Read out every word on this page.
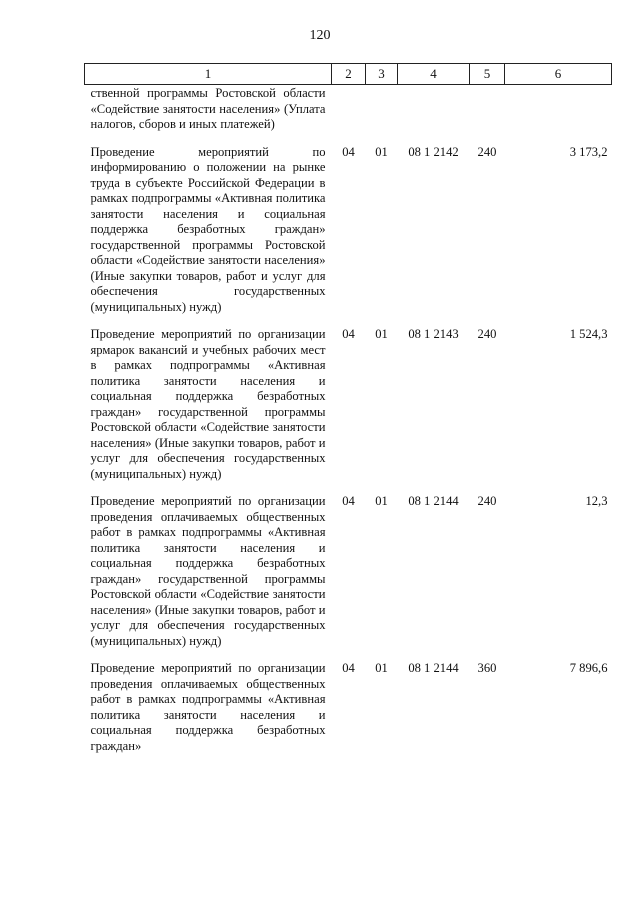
120
1	2	3	4	5	6
ственной программы Ростовской области «Содействие занятости населения» (Уплата налогов, сборов и иных платежей)					
Проведение мероприятий по информированию о положении на рынке труда в субъекте Российской Федерации в рамках подпрограммы «Активная политика занятости населения и социальная поддержка безработных граждан» государственной программы Ростовской области «Содействие занятости населения» (Иные закупки товаров, работ и услуг для обеспечения государственных (муниципальных) нужд)	04	01	08 1 2142	240	3 173,2
Проведение мероприятий по организации ярмарок вакансий и учебных рабочих мест в рамках подпрограммы «Активная политика занятости населения и социальная поддержка безработных граждан» государственной программы Ростовской области «Содействие занятости населения» (Иные закупки товаров, работ и услуг для обеспечения государственных (муниципальных) нужд)	04	01	08 1 2143	240	1 524,3
Проведение мероприятий по организации проведения оплачиваемых общественных работ в рамках подпрограммы «Активная политика занятости населения и социальная поддержка безработных граждан» государственной программы Ростовской области «Содействие занятости населения» (Иные закупки товаров, работ и услуг для обеспечения государственных (муниципальных) нужд)	04	01	08 1 2144	240	12,3
Проведение мероприятий по организации проведения оплачиваемых общественных работ в рамках подпрограммы «Активная политика занятости населения и социальная поддержка безработных граждан»	04	01	08 1 2144	360	7 896,6
